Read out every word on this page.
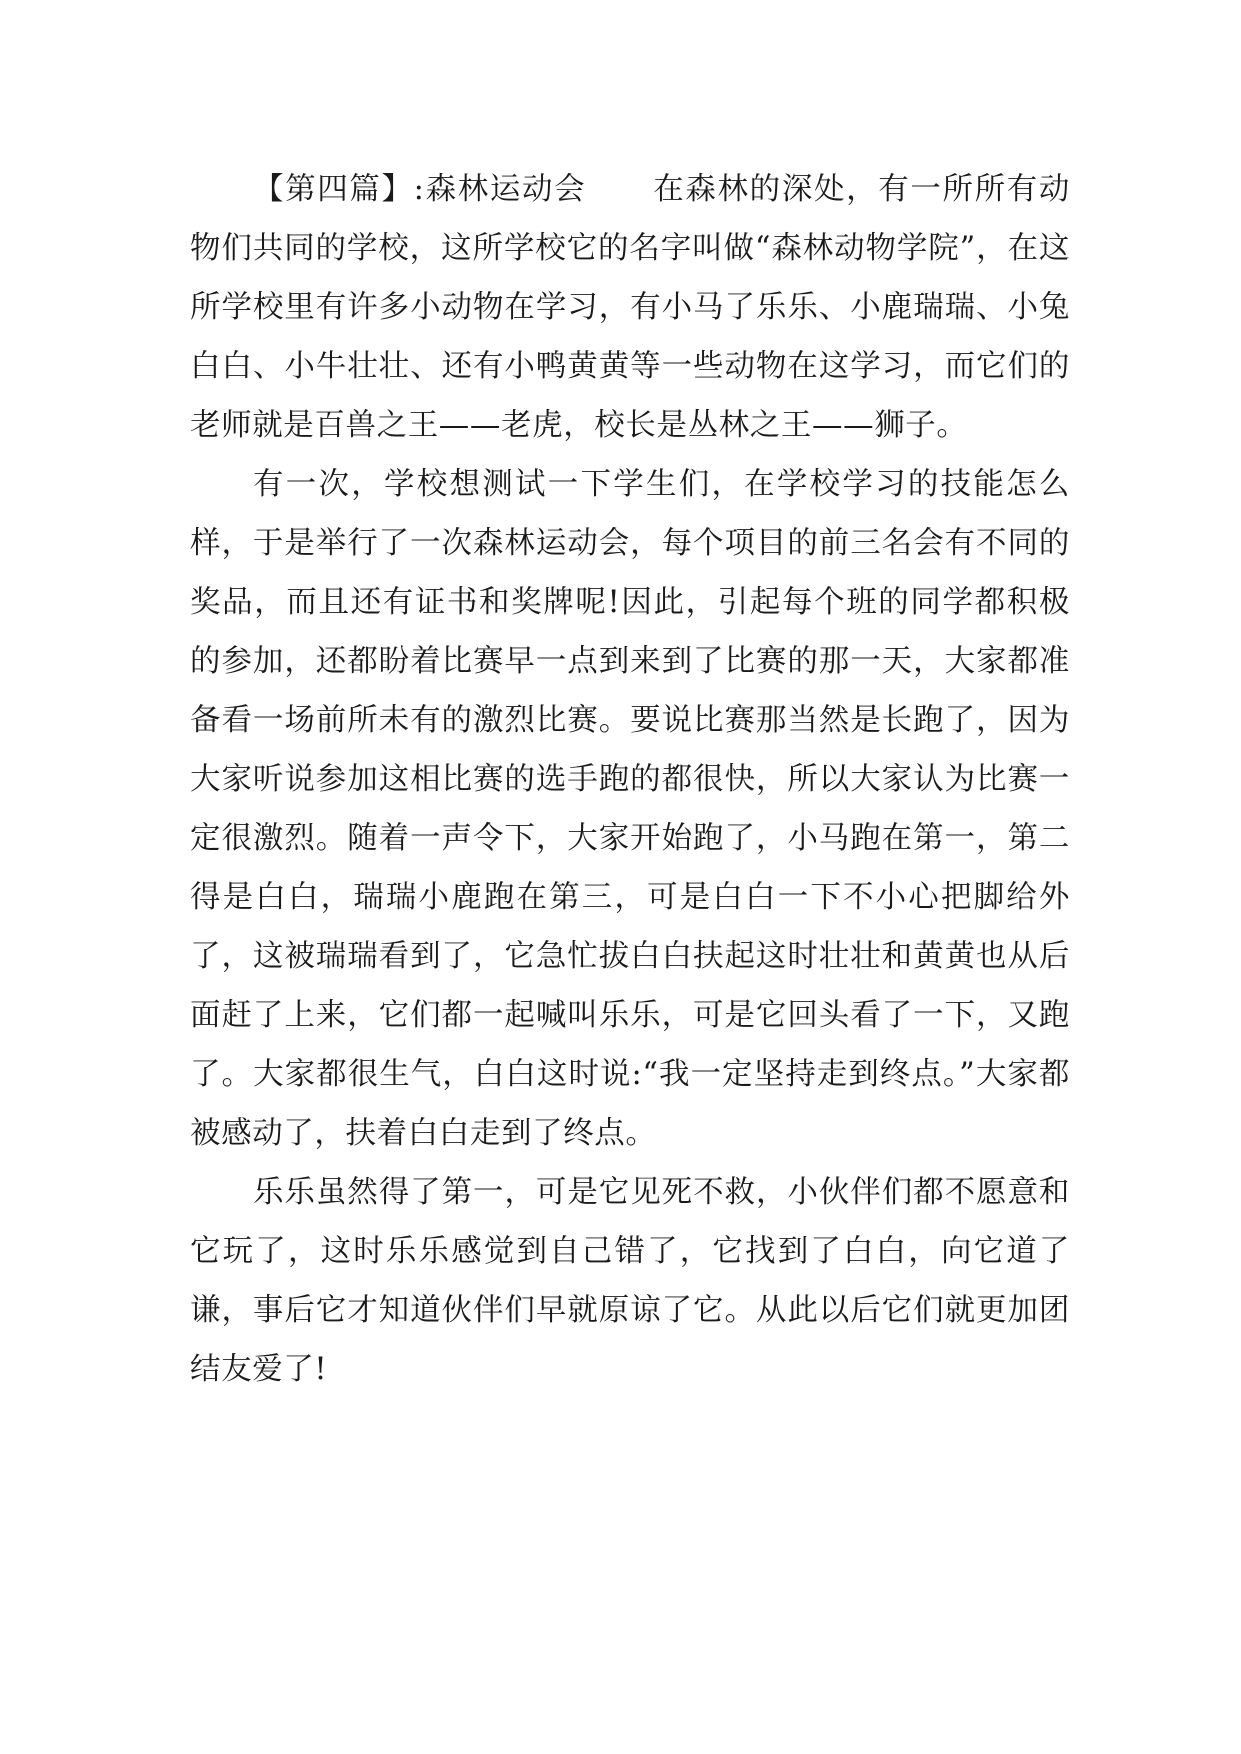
【第四篇】:森林运动会 在森林的深处，有一所所有动物们共同的学校，这所学校它的名字叫做“森林动物学院”，在这所学校里有许多小动物在学习，有小马了乐乐、小鹿瑞瑞、小兔白白、小牛壮壮、还有小鸭黄黄等一些动物在这学习，而它们的老师就是百兽之王——老虎，校长是丛林之王——狮子。

有一次，学校想测试一下学生们，在学校学习的技能怎么样，于是举行了一次森林运动会，每个项目的前三名会有不同的奖品，而且还有证书和奖牌呢!因此，引起每个班的同学都积极的参加，还都盼着比赛早一点到来到了比赛的那一天，大家都准备看一场前所未有的激烈比赛。要说比赛那当然是长跑了，因为大家听说参加这相比赛的选手跑的都很快，所以大家认为比赛一定很激烈。随着一声令下，大家开始跑了，小马跑在第一，第二得是白白，瑞瑞小鹿跑在第三，可是白白一下不小心把脚给外了，这被瑞瑞看到了，它急忙拔白白扶起这时壮壮和黄黄也从后面赶了上来，它们都一起喊叫乐乐，可是它回头看了一下，又跑了。大家都很生气，白白这时说:“我一定坚持走到终点。”大家都被感动了，扶着白白走到了终点。

乐乐虽然得了第一，可是它见死不救，小伙伴们都不愿意和它玩了，这时乐乐感觉到自己错了，它找到了白白，向它道了谦，事后它才知道伙伴们早就原谅了它。从此以后它们就更加团结友爱了!
